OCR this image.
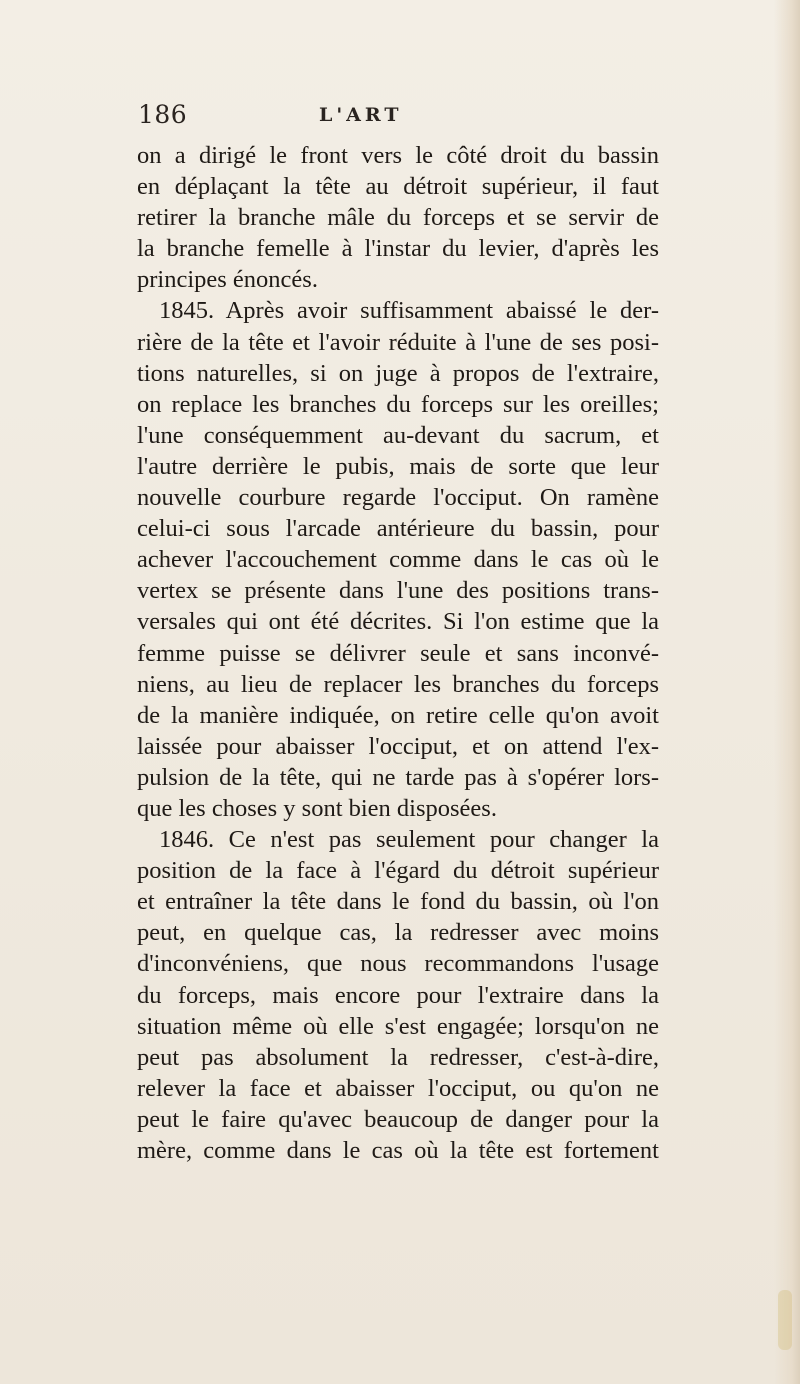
186	L'ART
on a dirigé le front vers le côté droit du bassin
en déplaçant la tête au détroit supérieur, il faut
retirer la branche mâle du forceps et se servir de
la branche femelle à l'instar du levier, d'après les
principes énoncés.
1845. Après avoir suffisamment abaissé le der-
rière de la tête et l'avoir réduite à l'une de ses posi-
tions naturelles, si on juge à propos de l'extraire,
on replace les branches du forceps sur les oreilles;
l'une conséquemment au-devant du sacrum, et
l'autre derrière le pubis, mais de sorte que leur
nouvelle courbure regarde l'occiput. On ramène
celui-ci sous l'arcade antérieure du bassin, pour
achever l'accouchement comme dans le cas où le
vertex se présente dans l'une des positions trans-
versales qui ont été décrites. Si l'on estime que la
femme puisse se délivrer seule et sans inconvé-
niens, au lieu de replacer les branches du forceps
de la manière indiquée, on retire celle qu'on avoit
laissée pour abaisser l'occiput, et on attend l'ex-
pulsion de la tête, qui ne tarde pas à s'opérer lors-
que les choses y sont bien disposées.
1846. Ce n'est pas seulement pour changer la
position de la face à l'égard du détroit supérieur
et entraîner la tête dans le fond du bassin, où l'on
peut, en quelque cas, la redresser avec moins
d'inconvéniens, que nous recommandons l'usage
du forceps, mais encore pour l'extraire dans la
situation même où elle s'est engagée; lorsqu'on ne
peut pas absolument la redresser, c'est-à-dire,
relever la face et abaisser l'occiput, ou qu'on ne
peut le faire qu'avec beaucoup de danger pour la
mère, comme dans le cas où la tête est fortement
